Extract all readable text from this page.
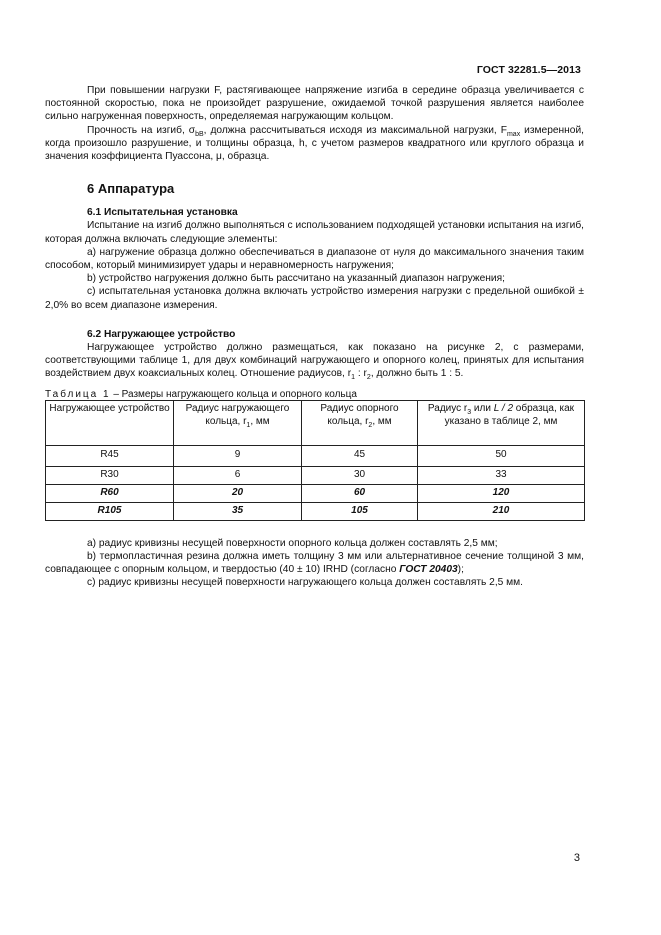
ГОСТ 32281.5—2013

При повышении нагрузки F, растягивающее напряжение изгиба в середине образца увеличивается с постоянной скоростью, пока не произойдет разрушение, ожидаемой точкой разрушения является наиболее сильно нагруженная поверхность, определяемая нагружающим кольцом.

Прочность на изгиб, $\sigma_{bB}$, должна рассчитываться исходя из максимальной нагрузки, $F_{max}$ измеренной, когда произошло разрушение, и толщины образца, h, с учетом размеров квадратного или круглого образца и значения коэффициента Пуассона, μ, образца.

6 Аппаратура
6.1 Испытательная установка

Испытание на изгиб должно выполняться с использованием подходящей установки испытания на изгиб, которая должна включать следующие элементы:

а) нагружение образца должно обеспечиваться в диапазоне от нуля до максимального значения таким способом, который минимизирует удары и неравномерность нагружения;

b) устройство нагружения должно быть рассчитано на указанный диапазон нагружения;

с) испытательная установка должна включать устройство измерения нагрузки с предельной ошибкой ± 2,0% во всем диапазоне измерения.

6.2 Нагружающее устройство

Нагружающее устройство должно размещаться, как показано на рисунке 2, с размерами, соответствующими таблице 1, для двух комбинаций нагружающего и опорного колец, принятых для испытания воздействием двух коаксиальных колец. Отношение радиусов, $r_1$ : $r_2$, должно быть 1 : 5.

Таблица 1 – Размеры нагружающего кольца и опорного кольца

Нагружающее устройство	Радиус нагружающего кольца, $r_1$, мм	Радиус опорного кольца, $r_2$, мм	Радиус $r_3$ или L / 2 образца, как указано в таблице 2, мм
R45	9	45	50
R30	6	30	33
R60	20	60	120
R105	35	105	210

а) радиус кривизны несущей поверхности опорного кольца должен составлять 2,5 мм;

b) термопластичная резина должна иметь толщину 3 мм или альтернативное сечение толщиной 3 мм, совпадающее с опорным кольцом, и твердостью (40 ± 10) IRHD (согласно ГОСТ 20403);

с) радиус кривизны несущей поверхности нагружающего кольца должен составлять 2,5 мм.

3
